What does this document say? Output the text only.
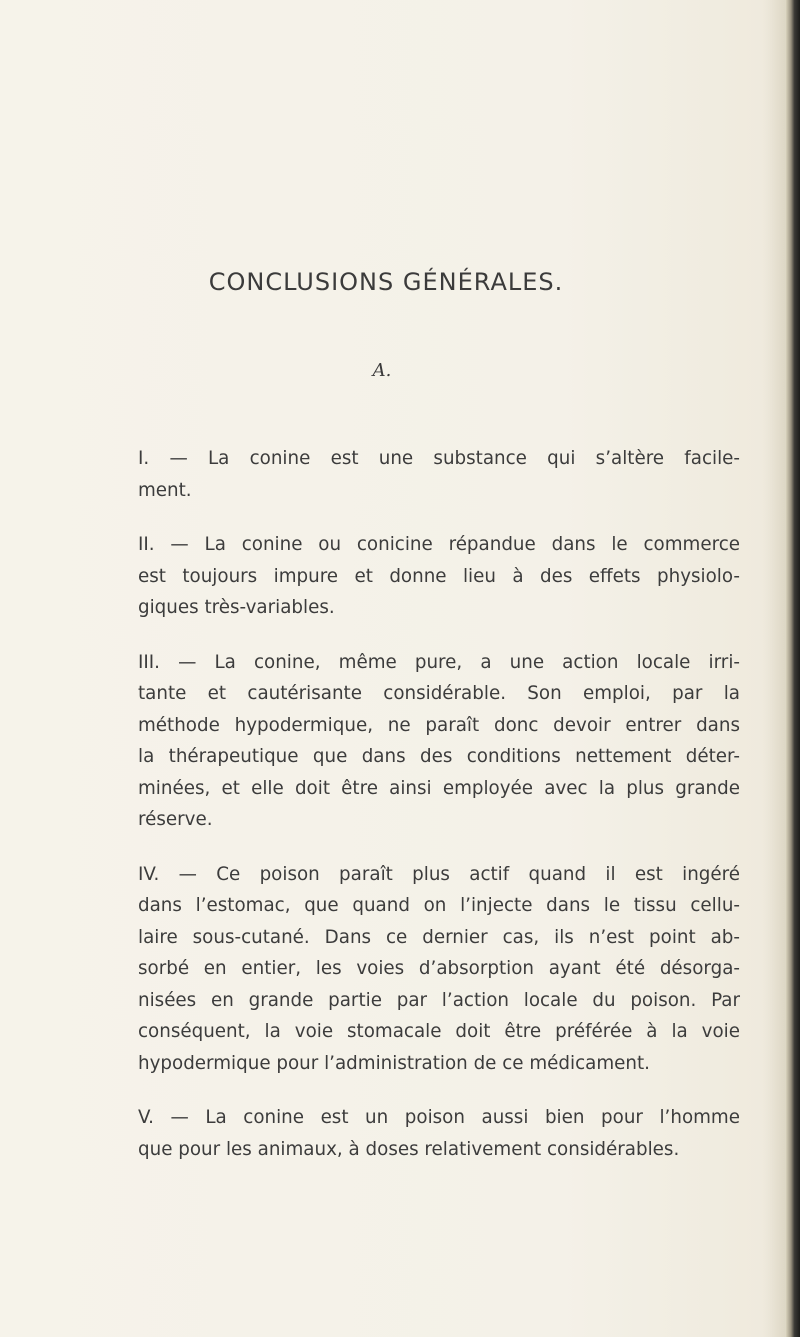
CONCLUSIONS GÉNÉRALES.
A.
I. — La conine est une substance qui s’altère facile-
ment.
II. — La conine ou conicine répandue dans le commerce
est toujours impure et donne lieu à des effets physiolo-
giques très-variables.
III. — La conine, même pure, a une action locale irri-
tante et cautérisante considérable. Son emploi, par la
méthode hypodermique, ne paraît donc devoir entrer dans
la thérapeutique que dans des conditions nettement déter-
minées, et elle doit être ainsi employée avec la plus grande
réserve.
IV. — Ce poison paraît plus actif quand il est ingéré
dans l’estomac, que quand on l’injecte dans le tissu cellu-
laire sous-cutané. Dans ce dernier cas, ils n’est point ab-
sorbé en entier, les voies d’absorption ayant été désorga-
nisées en grande partie par l’action locale du poison. Par
conséquent, la voie stomacale doit être préférée à la voie
hypodermique pour l’administration de ce médicament.
V. — La conine est un poison aussi bien pour l’homme
que pour les animaux, à doses relativement considérables.
